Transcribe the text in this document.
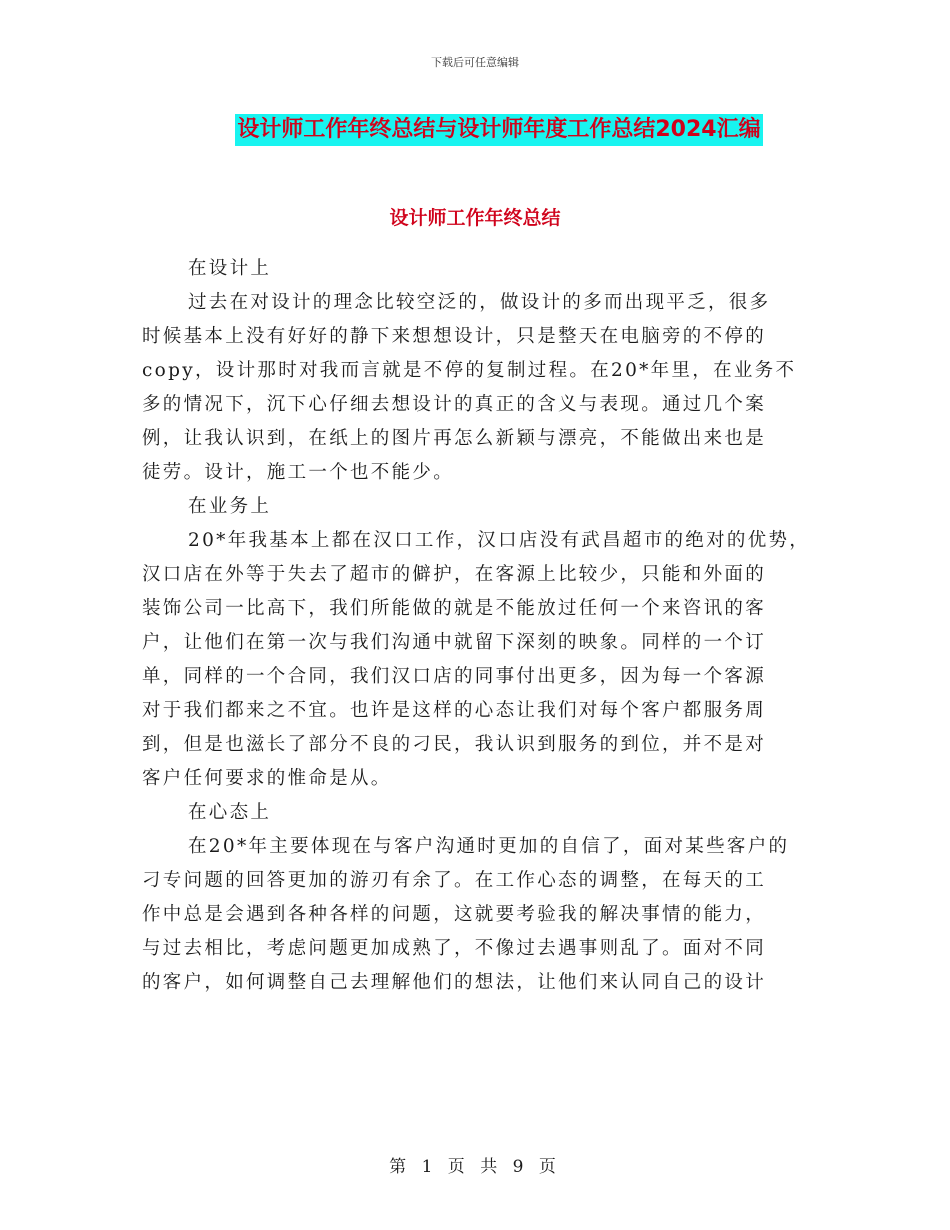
下载后可任意编辑
设计师工作年终总结与设计师年度工作总结2024汇编
设计师工作年终总结
在设计上
过去在对设计的理念比较空泛的，做设计的多而出现平乏，很多
时候基本上没有好好的静下来想想设计，只是整天在电脑旁的不停的
copy，设计那时对我而言就是不停的复制过程。在20*年里，在业务不
多的情况下，沉下心仔细去想设计的真正的含义与表现。通过几个案
例，让我认识到，在纸上的图片再怎么新颖与漂亮，不能做出来也是
徒劳。设计，施工一个也不能少。
在业务上
20*年我基本上都在汉口工作，汉口店没有武昌超市的绝对的优势，
汉口店在外等于失去了超市的僻护，在客源上比较少，只能和外面的
装饰公司一比高下，我们所能做的就是不能放过任何一个来咨讯的客
户，让他们在第一次与我们沟通中就留下深刻的映象。同样的一个订
单，同样的一个合同，我们汉口店的同事付出更多，因为每一个客源
对于我们都来之不宜。也许是这样的心态让我们对每个客户都服务周
到，但是也滋长了部分不良的刁民，我认识到服务的到位，并不是对
客户任何要求的惟命是从。
在心态上
在20*年主要体现在与客户沟通时更加的自信了，面对某些客户的
刁专问题的回答更加的游刃有余了。在工作心态的调整，在每天的工
作中总是会遇到各种各样的问题，这就要考验我的解决事情的能力，
与过去相比，考虑问题更加成熟了，不像过去遇事则乱了。面对不同
的客户，如何调整自己去理解他们的想法，让他们来认同自己的设计
第 1 页 共 9 页
